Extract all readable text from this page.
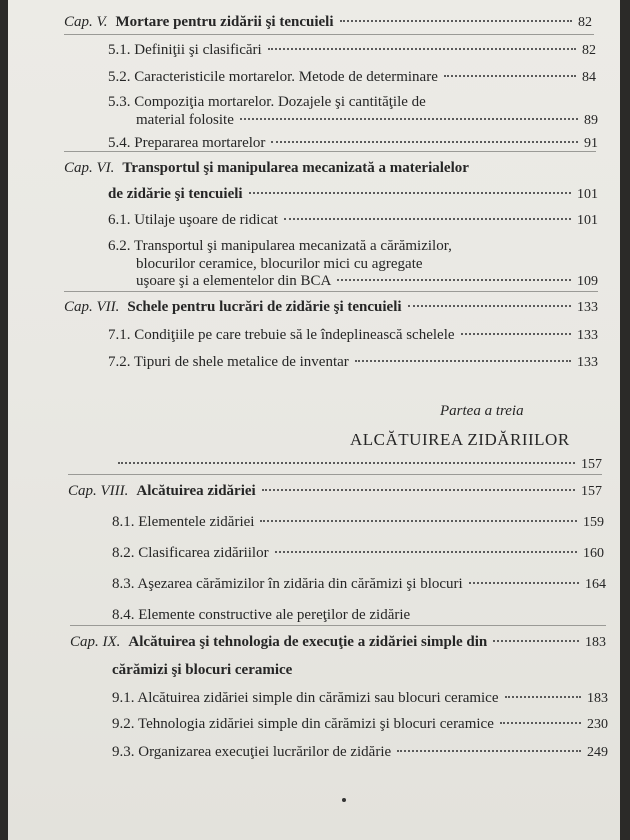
Cap. V. Mortare pentru zidării şi tencuieli	82
5.1. Definiţii şi clasificări	82
5.2. Caracteristicile mortarelor. Metode de determinare	84
5.3. Compoziţia mortarelor. Dozajele şi cantităţile de
material folosite	89
5.4. Prepararea mortarelor	91
Cap. VI. Transportul şi manipularea mecanizată a materialelor
de zidărie şi tencuieli	101
6.1. Utilaje uşoare de ridicat	101
6.2. Transportul şi manipularea mecanizată a cărămizilor,
blocurilor ceramice, blocurilor mici cu agregate
uşoare şi a elementelor din BCA	109
Cap. VII. Schele pentru lucrări de zidărie şi tencuieli	133
7.1. Condiţiile pe care trebuie să le îndeplinească schelele	133
7.2. Tipuri de shele metalice de inventar	133
Partea a treia
ALCĂTUIREA ZIDĂRIILOR
157
Cap. VIII. Alcătuirea zidăriei	157
8.1. Elementele zidăriei	159
8.2. Clasificarea zidăriilor	160
8.3. Aşezarea cărămizilor în zidăria din cărămizi şi blocuri	164
8.4. Elemente constructive ale pereţilor de zidărie
Cap. IX. Alcătuirea şi tehnologia de execuţie a zidăriei simple din	183
cărămizi şi blocuri ceramice
9.1. Alcătuirea zidăriei simple din cărămizi sau blocuri ceramice	183
9.2. Tehnologia zidăriei simple din cărămizi şi blocuri ceramice	230
9.3. Organizarea execuţiei lucrărilor de zidărie	249
